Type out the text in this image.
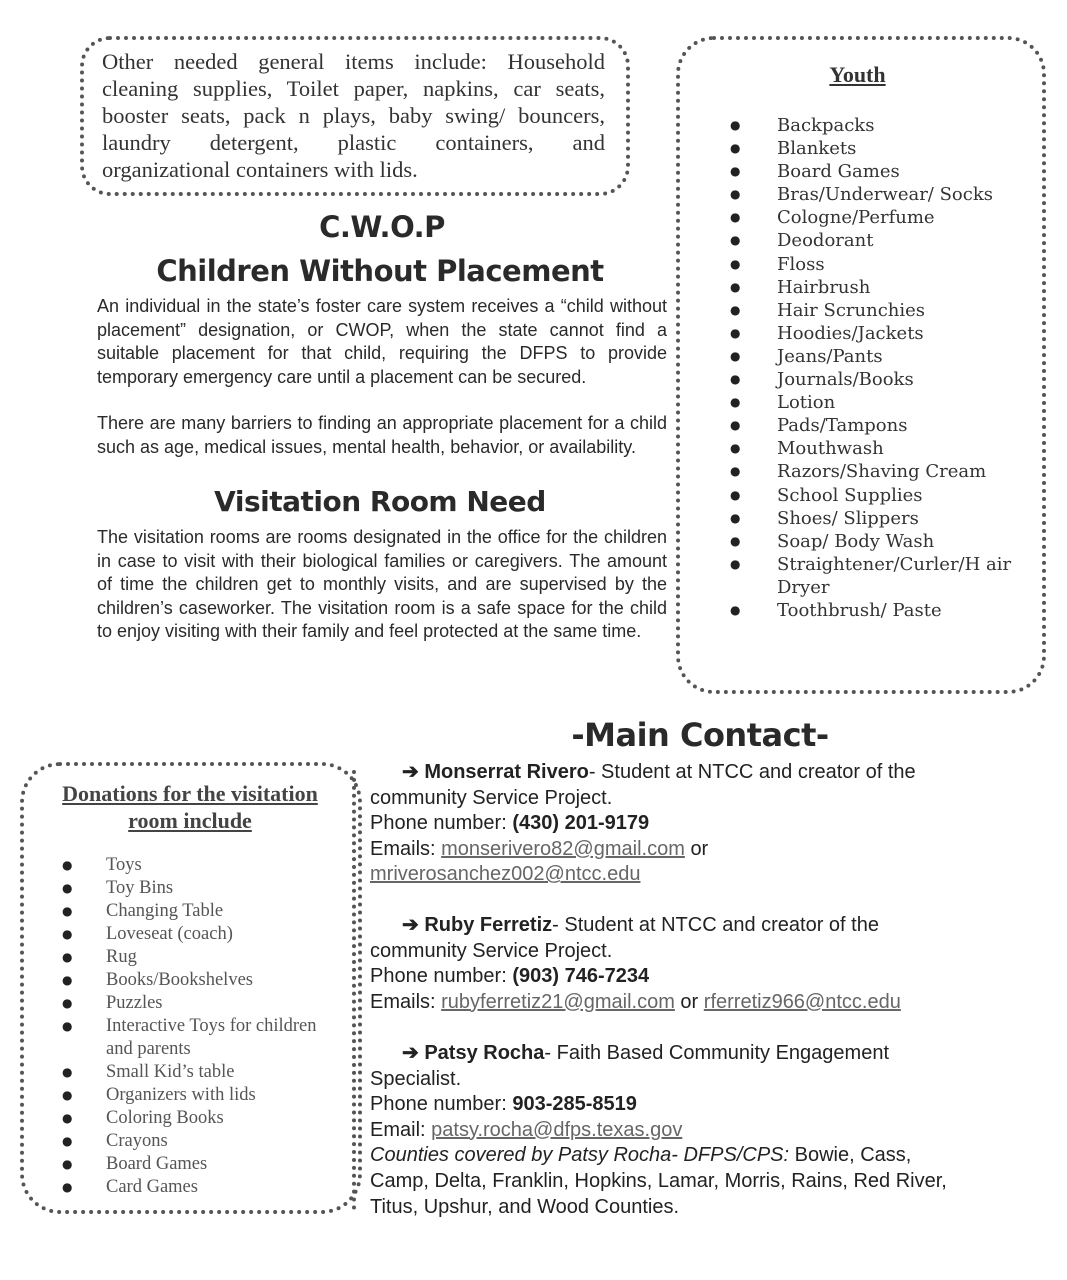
Other needed general items include: Household cleaning supplies, Toilet paper, napkins, car seats, booster seats, pack n plays, baby swing/ bouncers, laundry detergent, plastic containers, and organizational containers with lids.
C.W.O.P
Children Without Placement
An individual in the state’s foster care system receives a “child without placement” designation, or CWOP, when the state cannot find a suitable placement for that child, requiring the DFPS to provide temporary emergency care until a placement can be secured.
There are many barriers to finding an appropriate placement for a child such as age, medical issues, mental health, behavior, or availability.
Visitation Room Need
The visitation rooms are rooms designated in the office for the children in case to visit with their biological families or caregivers. The amount of time the children get to monthly visits, and are supervised by the children’s caseworker. The visitation room is a safe space for the child to enjoy visiting with their family and feel protected at the same time.
Youth
● Backpacks
● Blankets
● Board Games
● Bras/Underwear/ Socks
● Cologne/Perfume
● Deodorant
● Floss
● Hairbrush
● Hair Scrunchies
● Hoodies/Jackets
● Jeans/Pants
● Journals/Books
● Lotion
● Pads/Tampons
● Mouthwash
● Razors/Shaving Cream
● School Supplies
● Shoes/ Slippers
● Soap/ Body Wash
● Straightener/Curler/H air Dryer
● Toothbrush/ Paste
Donations for the visitation room include
● Toys
● Toy Bins
● Changing Table
● Loveseat (coach)
● Rug
● Books/Bookshelves
● Puzzles
● Interactive Toys for children and parents
● Small Kid’s table
● Organizers with lids
● Coloring Books
● Crayons
● Board Games
● Card Games
-Main Contact-
➔ Monserrat Rivero- Student at NTCC and creator of the community Service Project.
Phone number: (430) 201-9179
Emails: monserivero82@gmail.com or
mriverosanchez002@ntcc.edu
➔ Ruby Ferretiz- Student at NTCC and creator of the community Service Project.
Phone number: (903) 746-7234
Emails: rubyferretiz21@gmail.com or rferretiz966@ntcc.edu
➔ Patsy Rocha- Faith Based Community Engagement Specialist.
Phone number: 903-285-8519
Email: patsy.rocha@dfps.texas.gov
Counties covered by Patsy Rocha- DFPS/CPS: Bowie, Cass, Camp, Delta, Franklin, Hopkins, Lamar, Morris, Rains, Red River, Titus, Upshur, and Wood Counties.
